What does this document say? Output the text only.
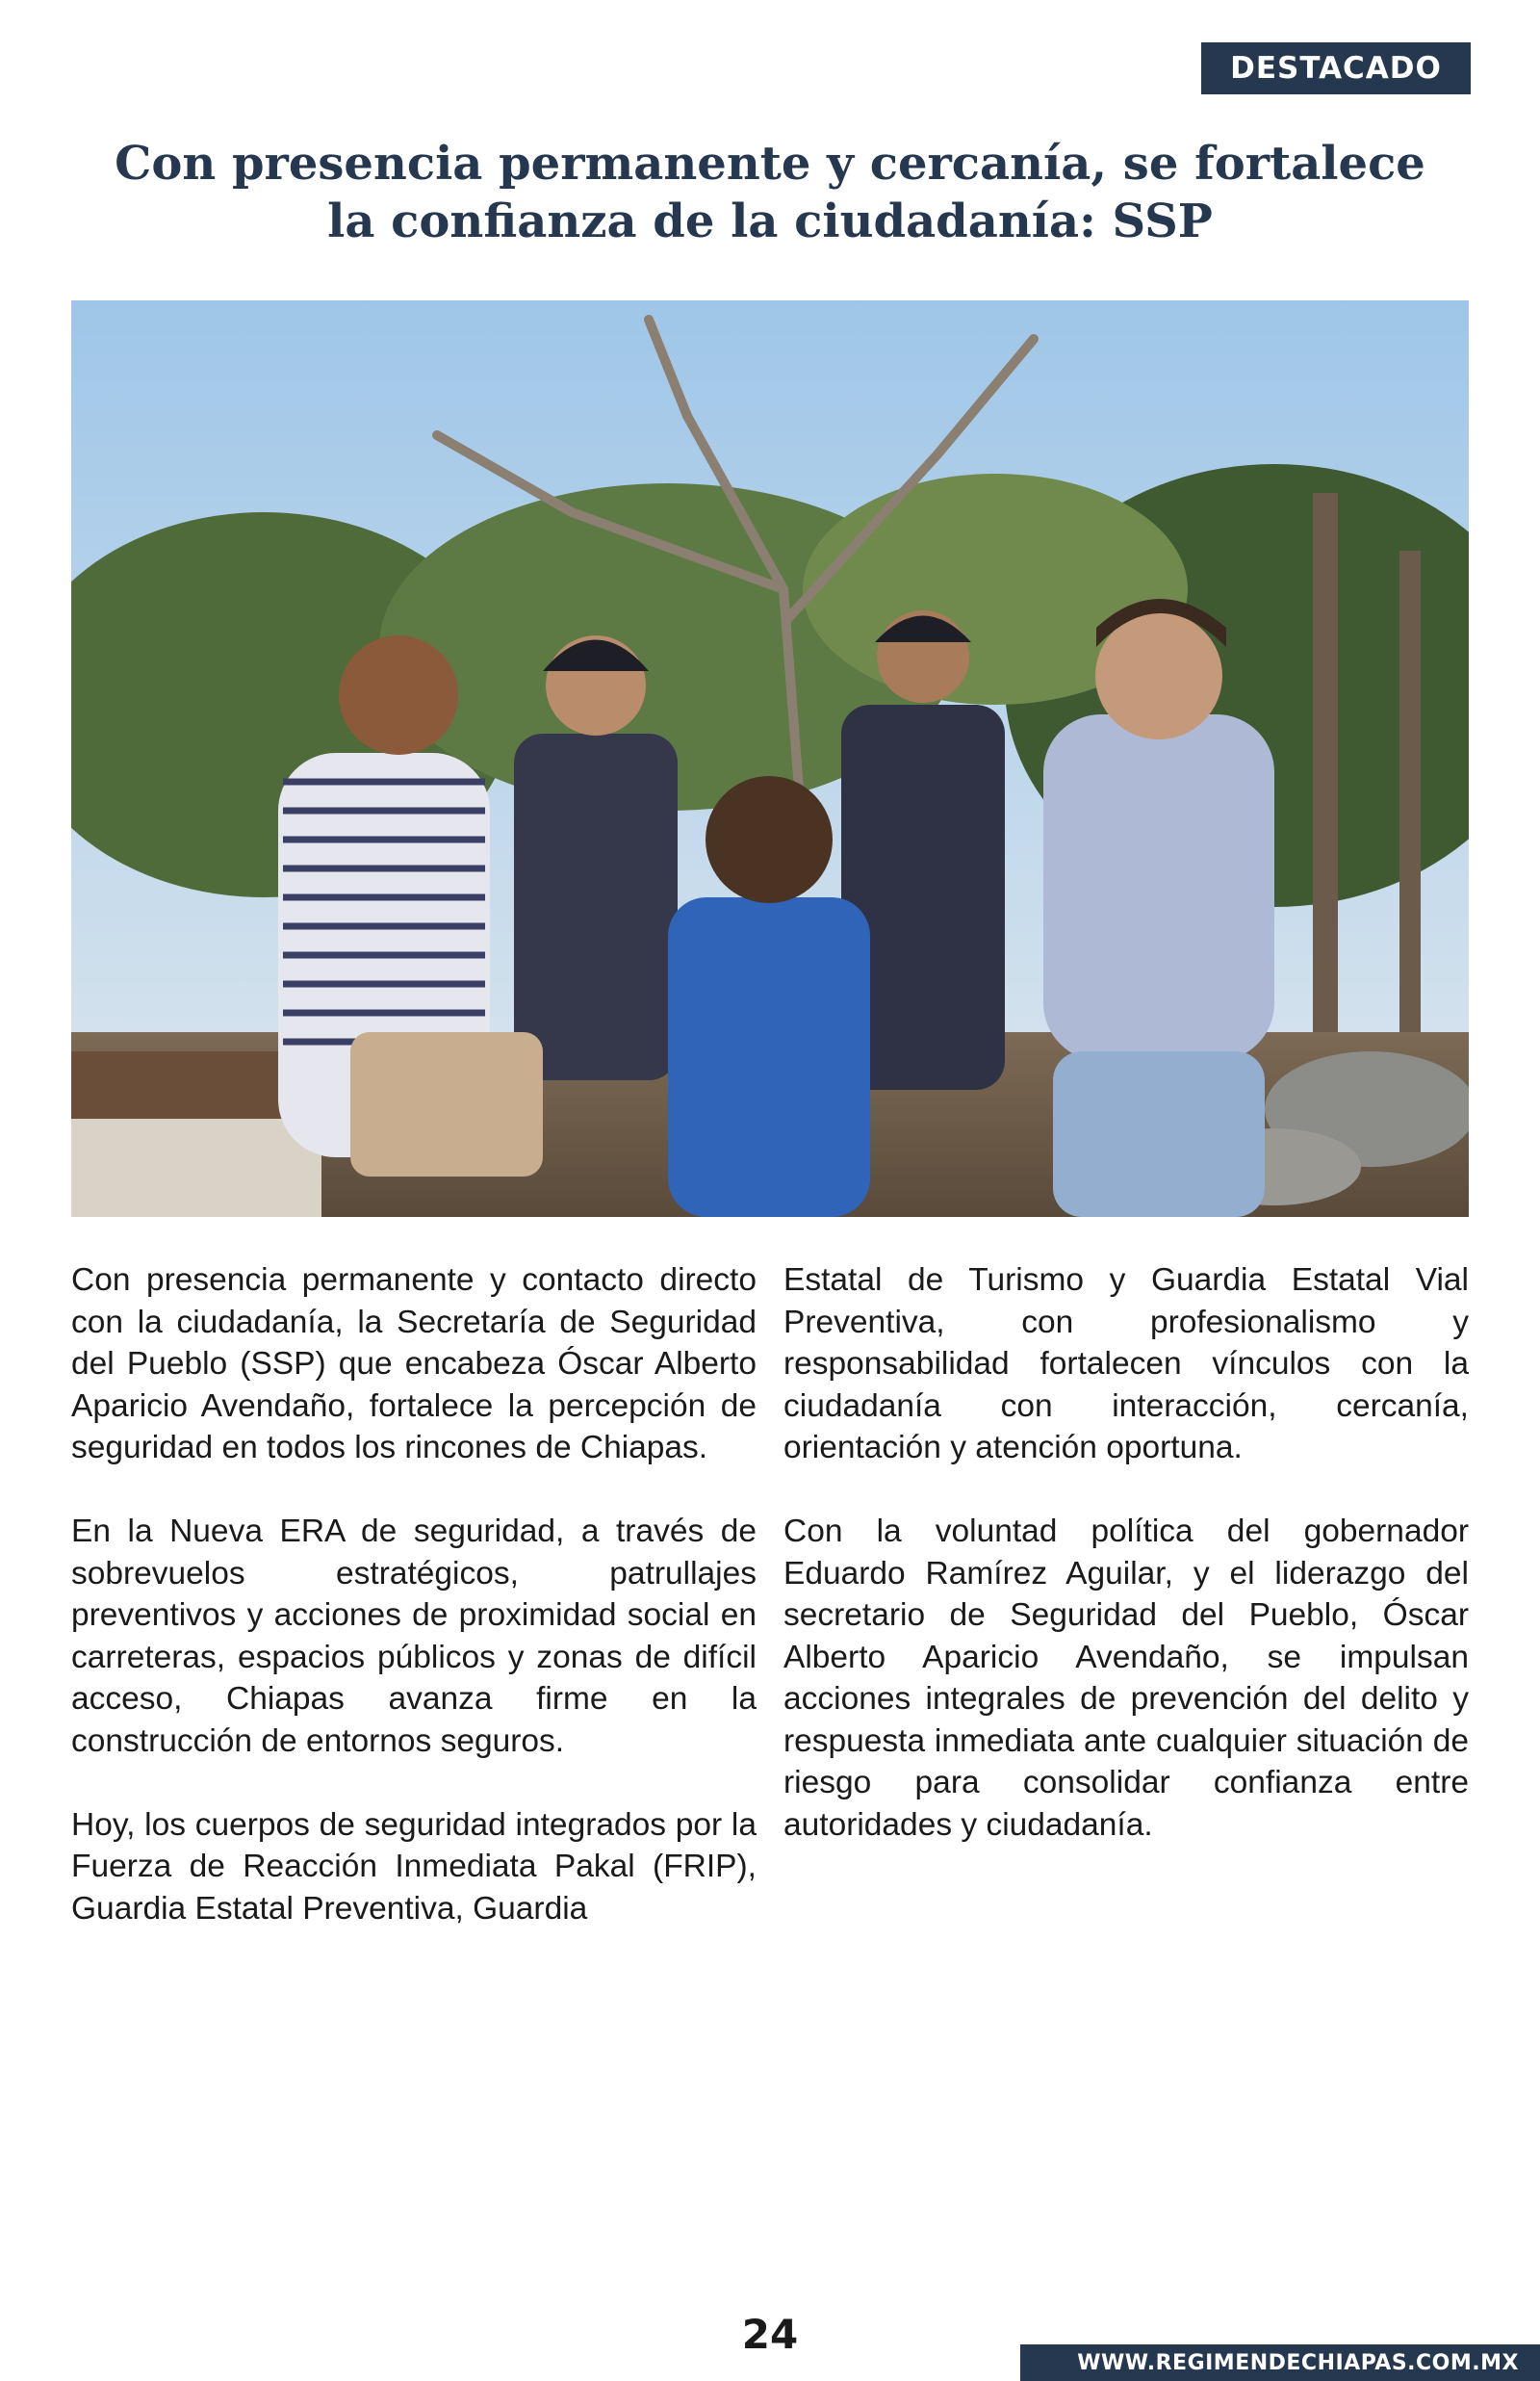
DESTACADO
Con presencia permanente y cercanía, se fortalece la confianza de la ciudadanía: SSP

Con presencia permanente y contacto directo con la ciudadanía, la Secretaría de Seguridad del Pueblo (SSP) que encabeza Óscar Alberto Aparicio Avendaño, fortalece la percepción de seguridad en todos los rincones de Chiapas.

En la Nueva ERA de seguridad, a través de sobrevuelos estratégicos, patrullajes preventivos y acciones de proximidad social en carreteras, espacios públicos y zonas de difícil acceso, Chiapas avanza firme en la construcción de entornos seguros.

Hoy, los cuerpos de seguridad integrados por la Fuerza de Reacción Inmediata Pakal (FRIP), Guardia Estatal Preventiva, Guardia

Estatal de Turismo y Guardia Estatal Vial Preventiva, con profesionalismo y responsabilidad fortalecen vínculos con la ciudadanía con interacción, cercanía, orientación y atención oportuna.

Con la voluntad política del gobernador Eduardo Ramírez Aguilar, y el liderazgo del secretario de Seguridad del Pueblo, Óscar Alberto Aparicio Avendaño, se impulsan acciones integrales de prevención del delito y respuesta inmediata ante cualquier situación de riesgo para consolidar confianza entre autoridades y ciudadanía.

24
WWW.REGIMENDECHIAPAS.COM.MX
